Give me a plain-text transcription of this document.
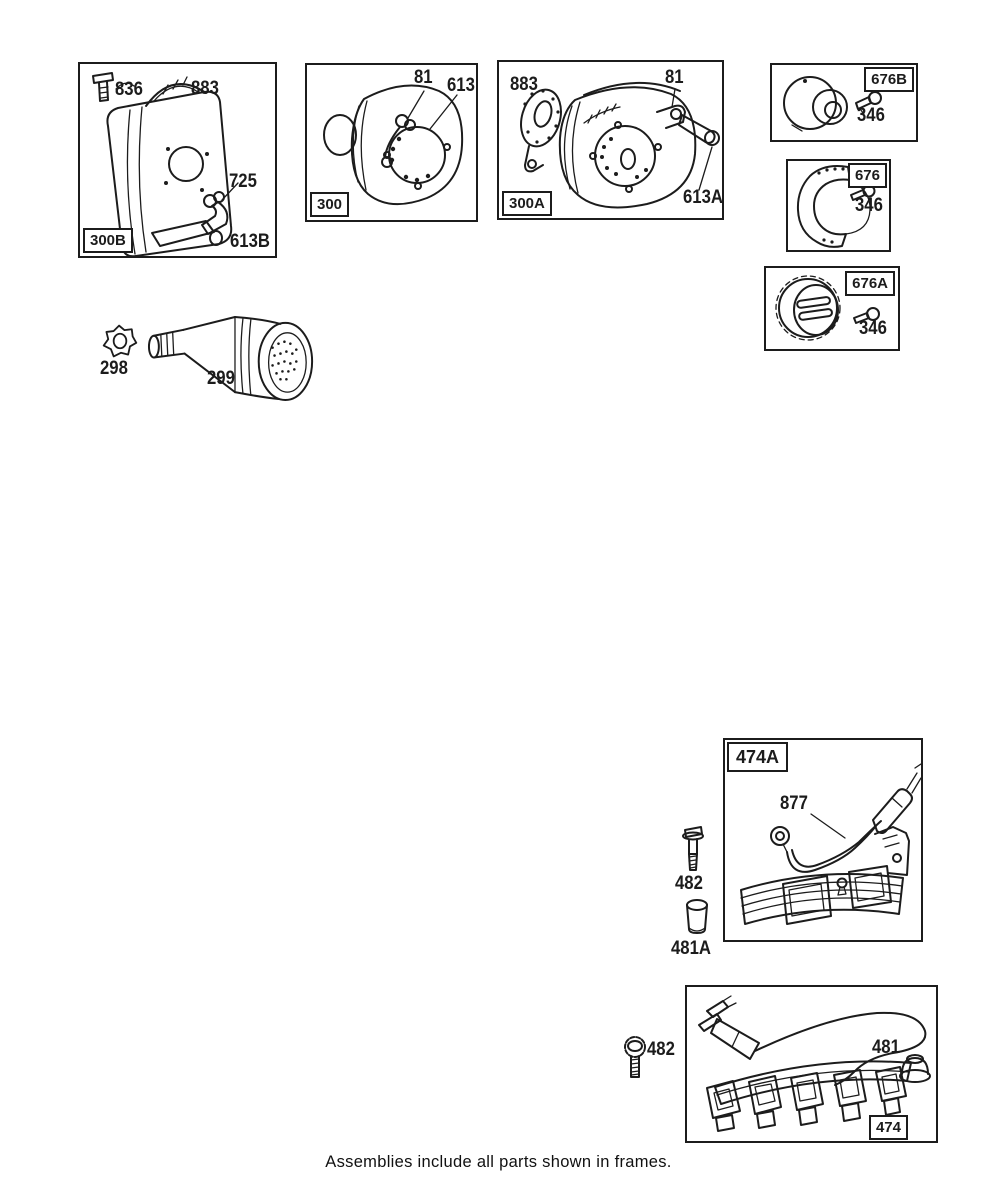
300B
300	300A
676B
676
676A
474A
474
836	883
725
613B
81 613 883	81
613A
346
346
346
298	299
877
482
481A
482	481
Assemblies include all parts shown in frames.
